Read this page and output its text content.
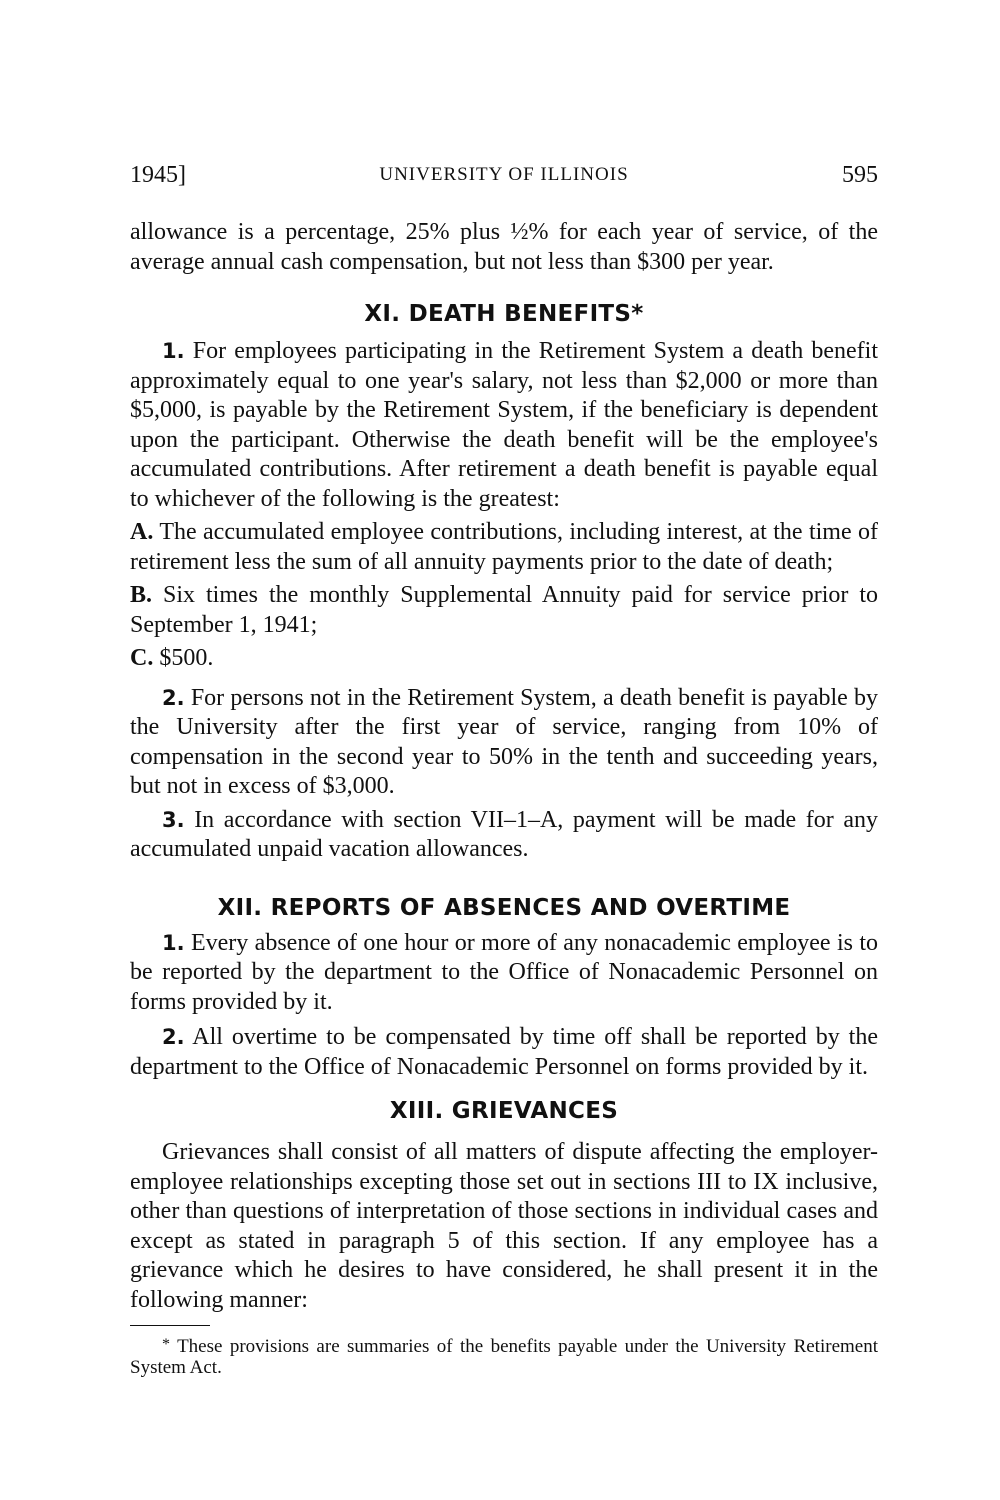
1945]	UNIVERSITY OF ILLINOIS	595

allowance is a percentage, 25% plus ½% for each year of service, of the average annual cash compensation, but not less than $300 per year.

XI. DEATH BENEFITS*

1. For employees participating in the Retirement System a death benefit approximately equal to one year's salary, not less than $2,000 or more than $5,000, is payable by the Retirement System, if the beneficiary is dependent upon the participant. Otherwise the death benefit will be the employee's accumulated contributions. After retirement a death benefit is payable equal to whichever of the following is the greatest:

A. The accumulated employee contributions, including interest, at the time of retirement less the sum of all annuity payments prior to the date of death;

B. Six times the monthly Supplemental Annuity paid for service prior to September 1, 1941;

C. $500.

2. For persons not in the Retirement System, a death benefit is payable by the University after the first year of service, ranging from 10% of compensation in the second year to 50% in the tenth and succeeding years, but not in excess of $3,000.

3. In accordance with section VII–1–A, payment will be made for any accumulated unpaid vacation allowances.

XII. REPORTS OF ABSENCES AND OVERTIME

1. Every absence of one hour or more of any nonacademic employee is to be reported by the department to the Office of Nonacademic Personnel on forms provided by it.

2. All overtime to be compensated by time off shall be reported by the department to the Office of Nonacademic Personnel on forms provided by it.

XIII. GRIEVANCES

Grievances shall consist of all matters of dispute affecting the employer-employee relationships excepting those set out in sections III to IX inclusive, other than questions of interpretation of those sections in individual cases and except as stated in paragraph 5 of this section. If any employee has a grievance which he desires to have considered, he shall present it in the following manner:

* These provisions are summaries of the benefits payable under the University Retirement System Act.
